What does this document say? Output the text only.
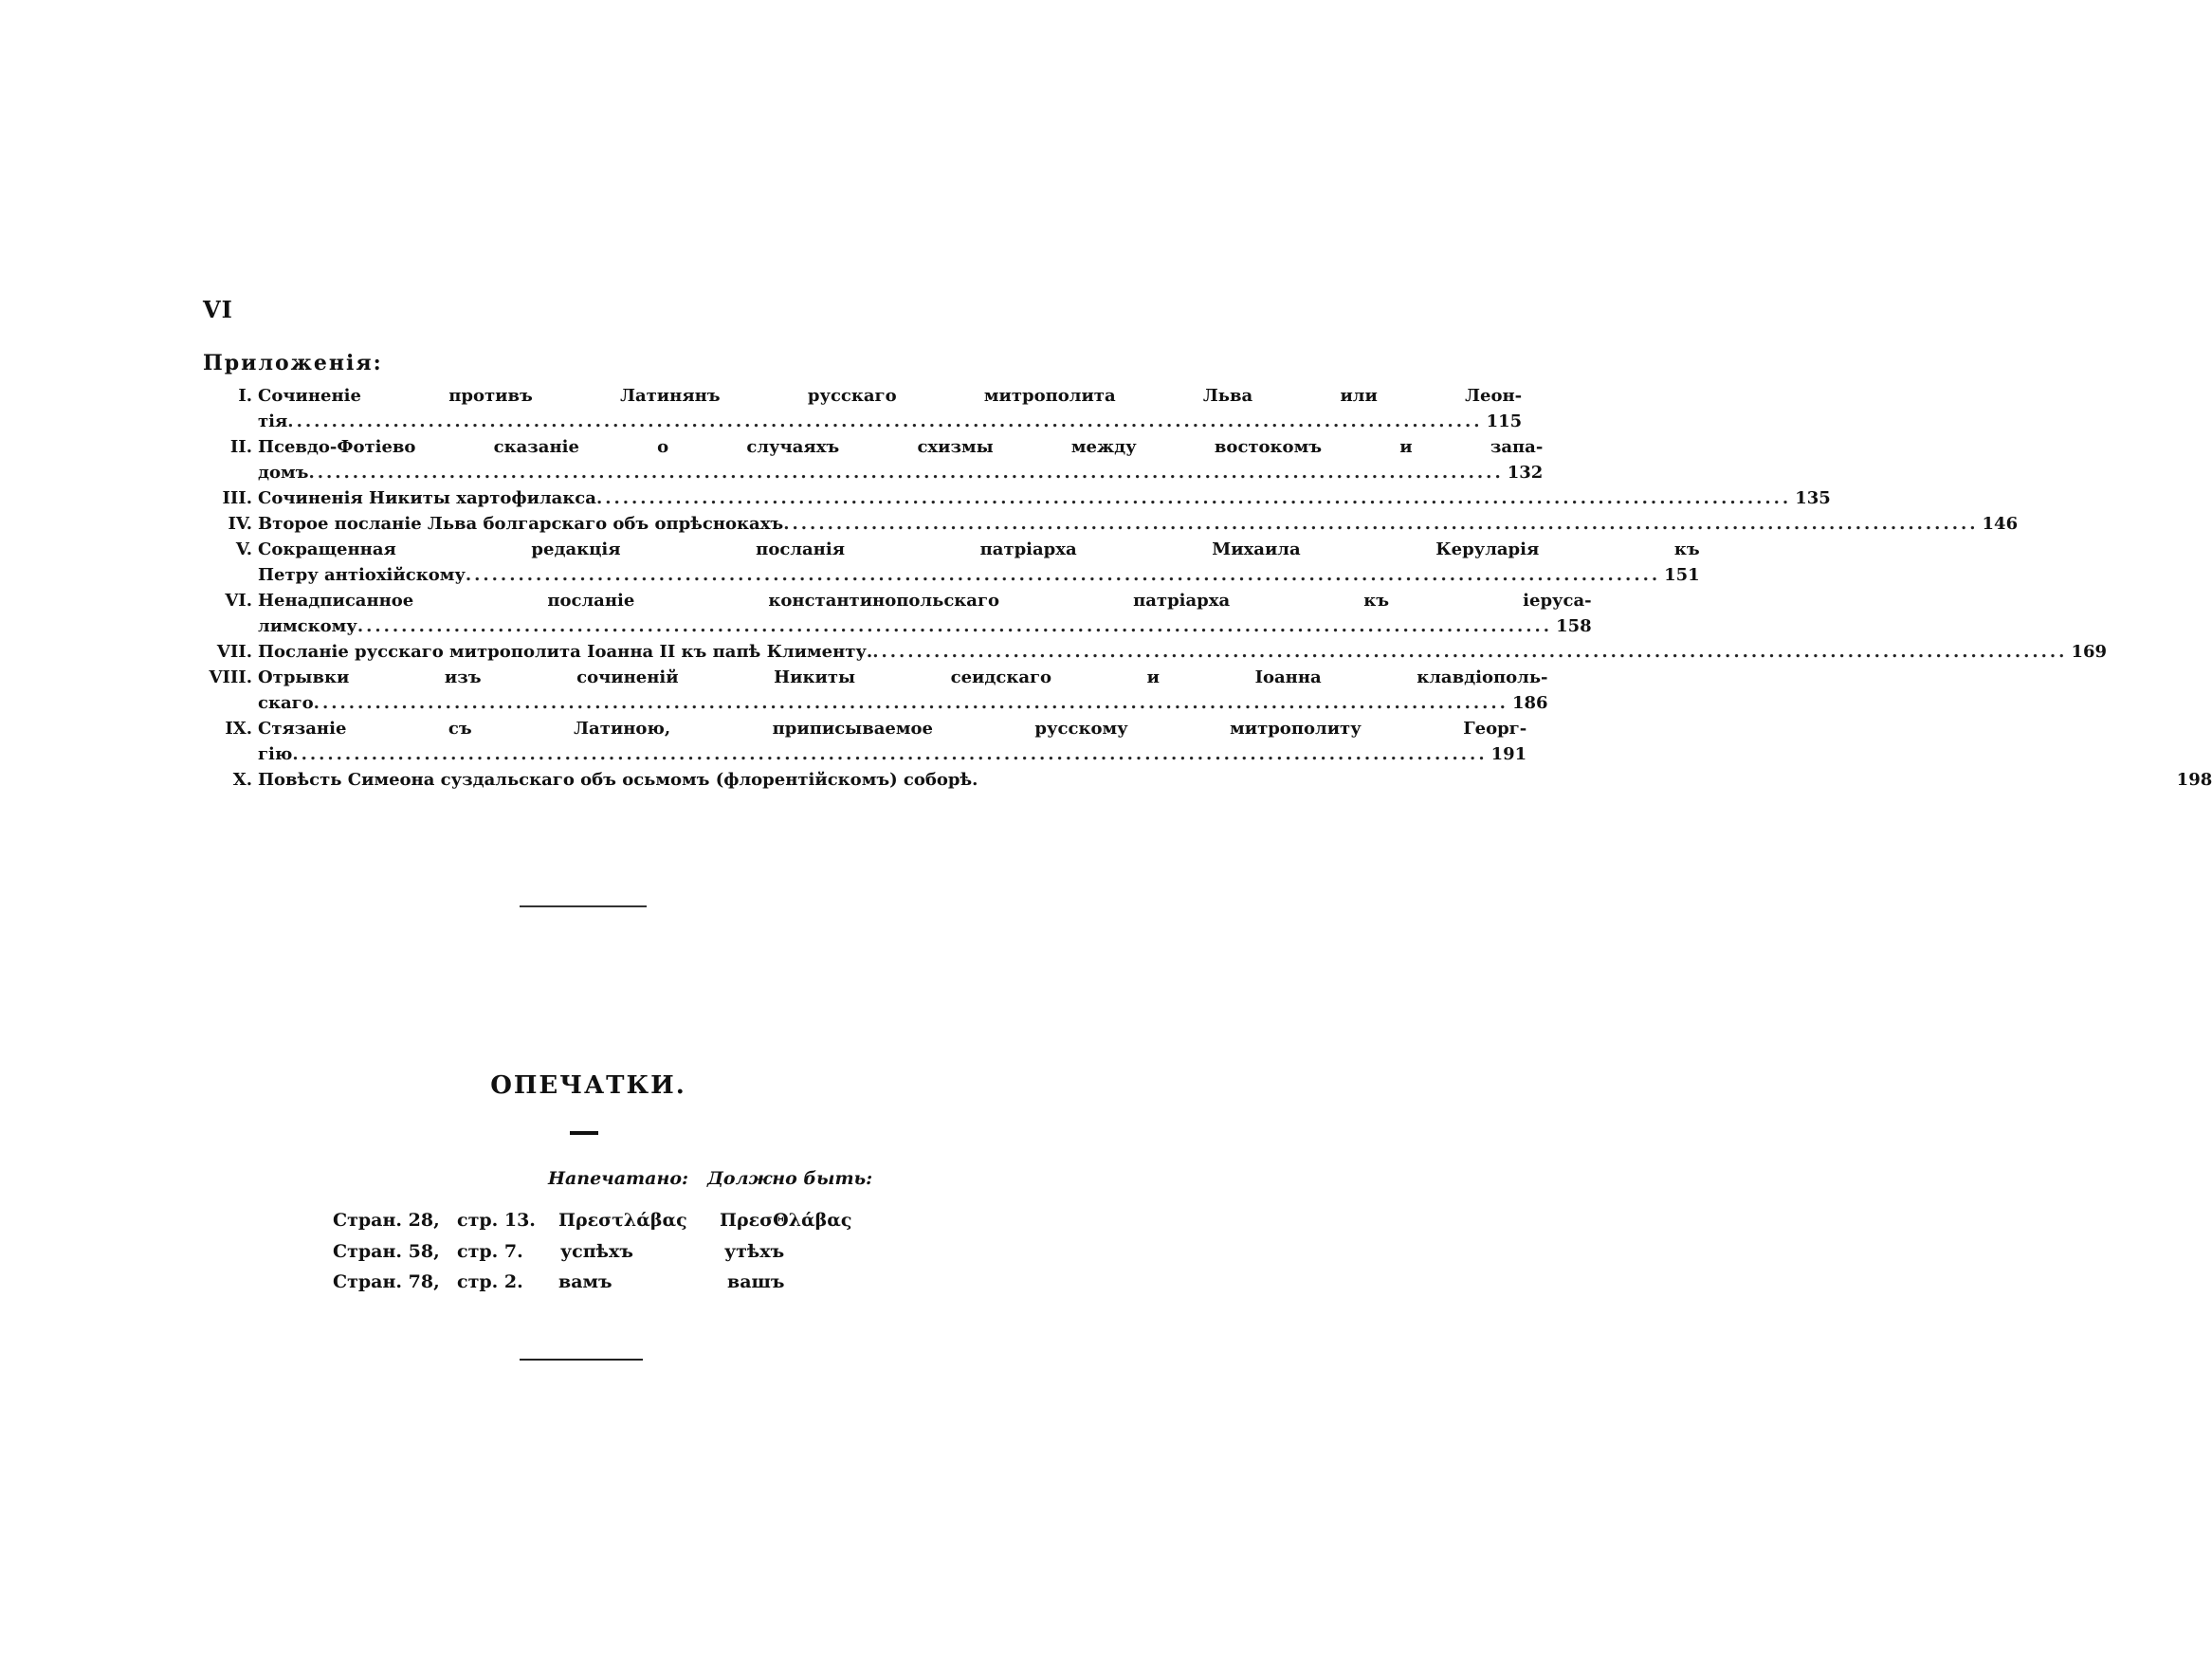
VI
Приложенія:
I. Сочиненіе противъ Латинянъ русскаго митрополита Льва или Леон-
тія .....	115
II. Псевдо-Фотіево сказаніе о случаяхъ схизмы между востокомъ и запа-
домъ .....	132
III. Сочиненія Никиты хартофилакса .....	135
IV. Второе посланіе Льва болгарскаго объ опрѣснокахъ .....	146
V. Сокращенная редакція посланія патріарха Михаила Керуларія къ
Петру антіохійскому .....	151
VI. Ненадписанное посланіе константинопольскаго патріарха къ іерусa-
лимскому .....	158
VII. Посланіе русскаго митрополита Іоанна II къ папѣ Клименту. .....	169
VIII. Отрывки изъ сочиненій Никиты сеидскаго и Іоанна клавдіополь-
скаго .....	186
IX. Стязаніе съ Латиною, приписываемое русскому митрополиту Георг-
гію .....	191
X. Повѣсть Симеона суздальскаго объ осьмомъ (флорентійскомъ) соборѣ.	198
ОПЕЧАТКИ.
Напечатано: Должно быть:
Стран. 28, стр. 13. Πρεστλάβας ΠρεσΘλάβας
Стран. 58, стр. 7. успѣхъ	утѣхъ
Стран. 78, стр. 2. вамъ	вашъ
